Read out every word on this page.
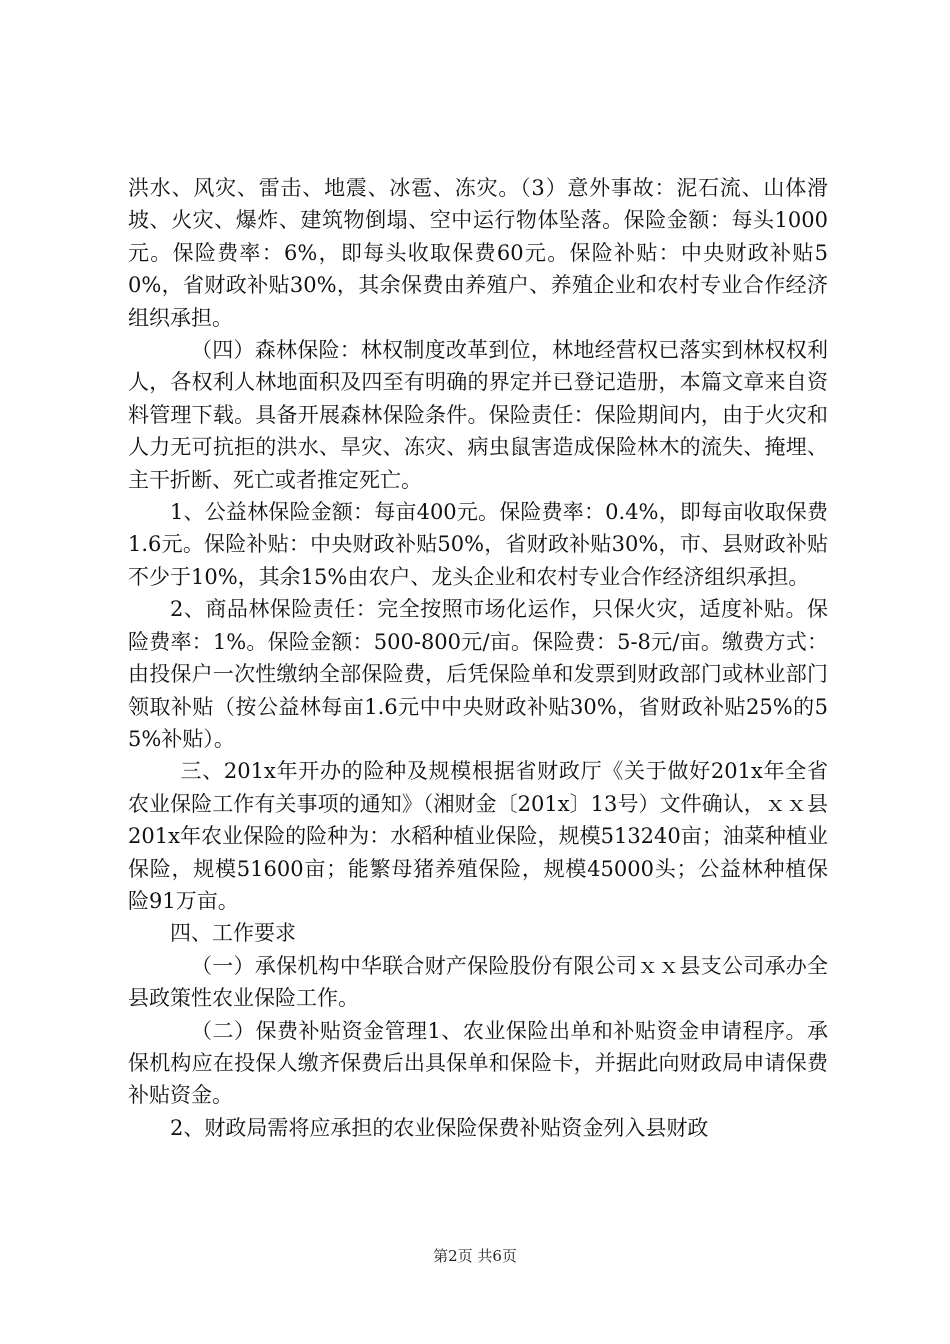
洪水、风灾、雷击、地震、冰雹、冻灾。（3）意外事故：泥石流、山体滑坡、火灾、爆炸、建筑物倒塌、空中运行物体坠落。保险金额：每头1000元。保险费率：6%，即每头收取保费60元。保险补贴：中央财政补贴50%，省财政补贴30%，其余保费由养殖户、养殖企业和农村专业合作经济组织承担。

（四）森林保险：林权制度改革到位，林地经营权已落实到林权权利人，各权利人林地面积及四至有明确的界定并已登记造册，本篇文章来自资料管理下载。具备开展森林保险条件。保险责任：保险期间内，由于火灾和人力无可抗拒的洪水、旱灾、冻灾、病虫鼠害造成保险林木的流失、掩埋、主干折断、死亡或者推定死亡。

1、公益林保险金额：每亩400元。保险费率：0.4%，即每亩收取保费1.6元。保险补贴：中央财政补贴50%，省财政补贴30%，市、县财政补贴不少于10%，其余15%由农户、龙头企业和农村专业合作经济组织承担。

2、商品林保险责任：完全按照市场化运作，只保火灾，适度补贴。保险费率：1%。保险金额：500-800元/亩。保险费：5-8元/亩。缴费方式：由投保户一次性缴纳全部保险费，后凭保险单和发票到财政部门或林业部门领取补贴（按公益林每亩1.6元中中央财政补贴30%，省财政补贴25%的55%补贴）。

三、201x年开办的险种及规模根据省财政厅《关于做好201x年全省农业保险工作有关事项的通知》（湘财金〔201x〕13号）文件确认，ｘｘ县201x年农业保险的险种为：水稻种植业保险，规模513240亩；油菜种植业保险，规模51600亩；能繁母猪养殖保险，规模45000头；公益林种植保险91万亩。

四、工作要求

（一）承保机构中华联合财产保险股份有限公司ｘｘ县支公司承办全县政策性农业保险工作。

（二）保费补贴资金管理1、农业保险出单和补贴资金申请程序。承保机构应在投保人缴齐保费后出具保单和保险卡，并据此向财政局申请保费补贴资金。

2、财政局需将应承担的农业保险保费补贴资金列入县财政

第2页 共6页
